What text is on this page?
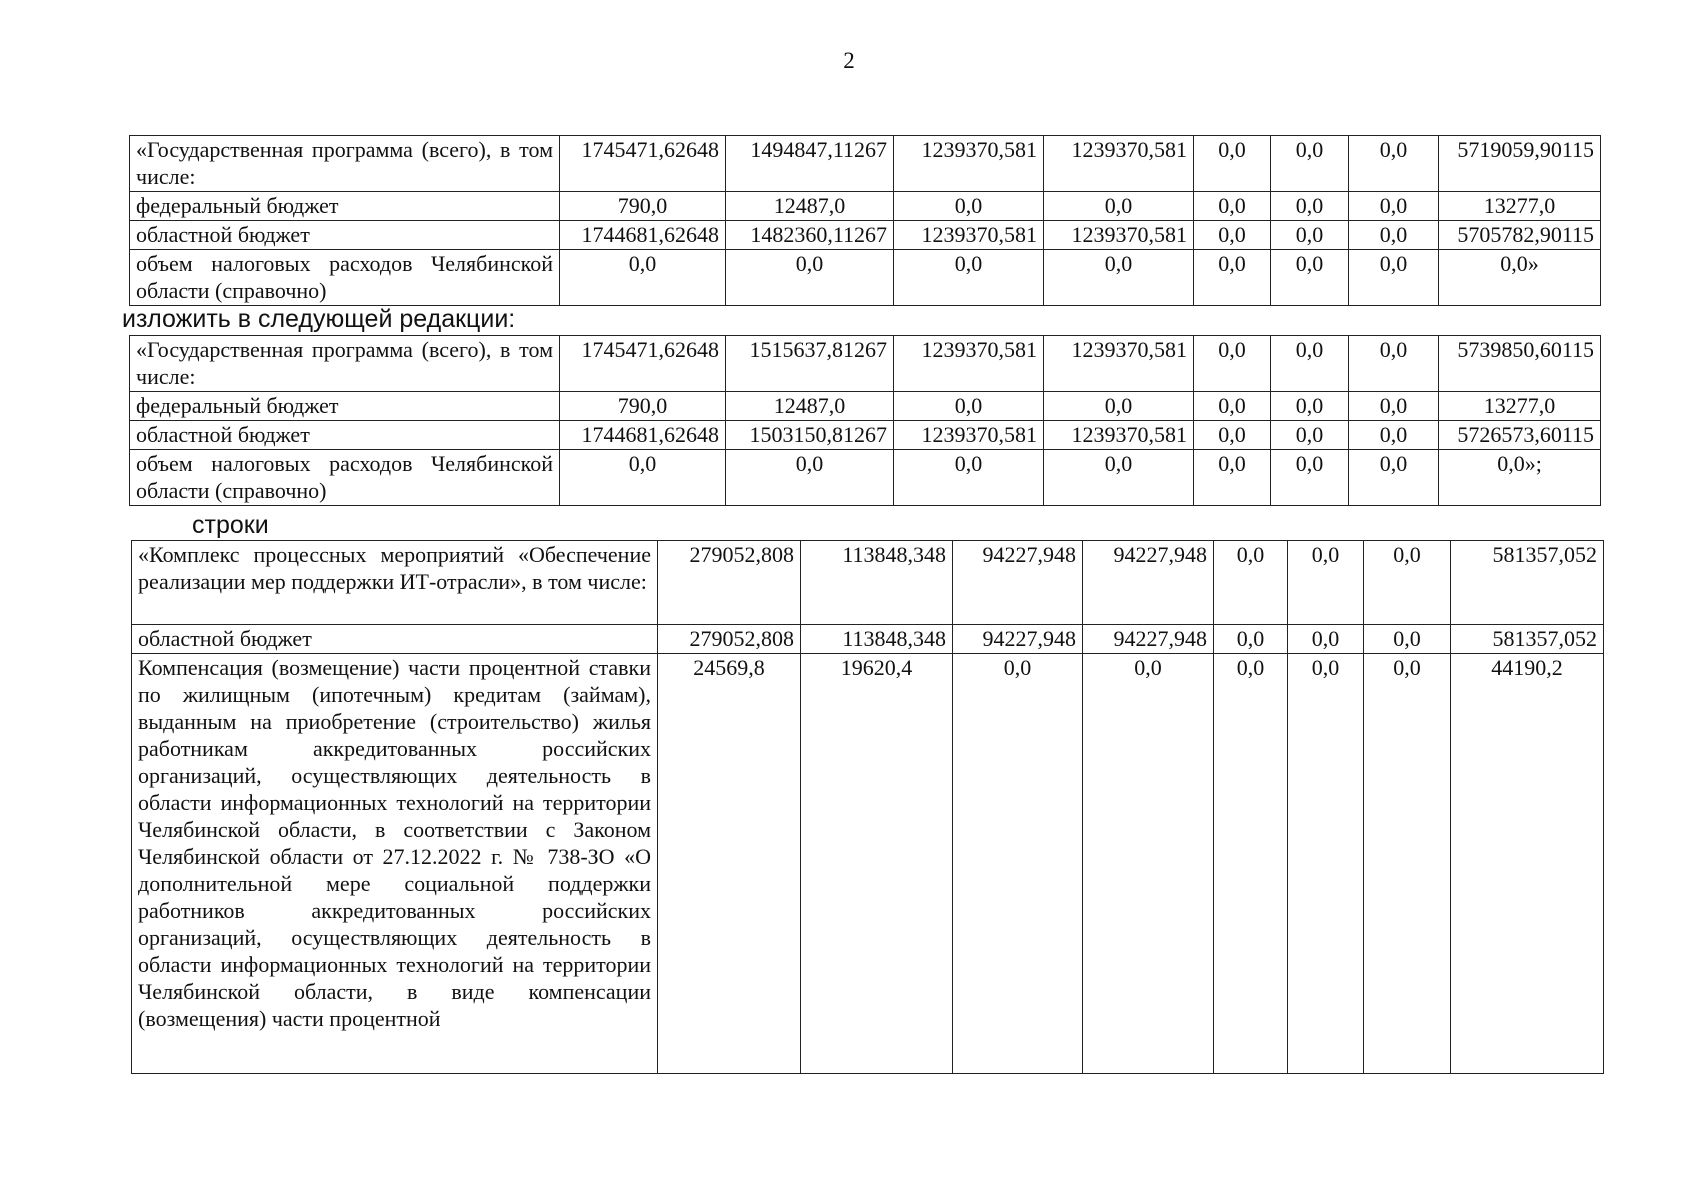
2
«Государственная программа (всего), в том числе:	1745471,62648	1494847,11267	1239370,581	1239370,581	0,0	0,0	0,0	5719059,90115
федеральный бюджет	790,0	12487,0	0,0	0,0	0,0	0,0	0,0	13277,0
областной бюджет	1744681,62648	1482360,11267	1239370,581	1239370,581	0,0	0,0	0,0	5705782,90115
объем налоговых расходов Челябинской области (справочно)	0,0	0,0	0,0	0,0	0,0	0,0	0,0	0,0»
изложить в следующей редакции:
«Государственная программа (всего), в том числе:	1745471,62648	1515637,81267	1239370,581	1239370,581	0,0	0,0	0,0	5739850,60115
федеральный бюджет	790,0	12487,0	0,0	0,0	0,0	0,0	0,0	13277,0
областной бюджет	1744681,62648	1503150,81267	1239370,581	1239370,581	0,0	0,0	0,0	5726573,60115
объем налоговых расходов Челябинской области (справочно)	0,0	0,0	0,0	0,0	0,0	0,0	0,0	0,0»;
строки
«Комплекс процессных мероприятий «Обеспечение реализации мер поддержки ИТ-отрасли», в том числе:	279052,808	113848,348	94227,948	94227,948	0,0	0,0	0,0	581357,052
областной бюджет	279052,808	113848,348	94227,948	94227,948	0,0	0,0	0,0	581357,052
Компенсация (возмещение) части процентной ставки по жилищным (ипотечным) кредитам (займам), выданным на приобретение (строительство) жилья работникам аккредитованных российских организаций, осуществляющих деятельность в области информационных технологий на территории Челябинской области, в соответствии с Законом Челябинской области от 27.12.2022 г. № 738-ЗО «О дополнительной мере социальной поддержки работников аккредитованных российских организаций, осуществляющих деятельность в области информационных технологий на территории Челябинской области, в виде компенсации (возмещения) части процентной	24569,8	19620,4	0,0	0,0	0,0	0,0	0,0	44190,2
